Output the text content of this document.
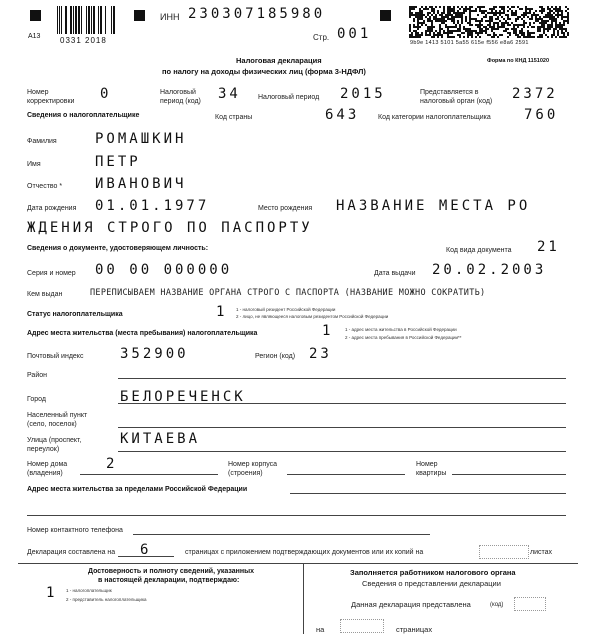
A13 0331 2018
ИНН 230307185980
Стр. 001
9b9e 1413 5101 5a55 615e f556 e8a6 2591
Налоговая декларация
по налогу на доходы физических лиц (форма 3-НДФЛ)
Форма по КНД 1151020
Номер
корректировки 0	Налоговый
период (код) 34 Налоговый период 2015	Представляется в
налоговый орган (код) 2372
Сведения о налогоплательщике	Код страны	643	Код категории налогоплательщика 760
Фамилия	РОМАШКИН
Имя	ПЕТР
Отчество * ИВАНОВИЧ
Дата рождения 01.01.1977	Место рождения НАЗВАНИЕ МЕСТА РО
ЖДЕНИЯ СТРОГО ПО ПАСПОРТУ
Сведения о документе, удостоверяющем личность:	Код вида документа 21
Серия и номер 00 00 000000	Дата выдачи 20.02.2003
Кем выдан	ПЕРЕПИСЫВАЕМ НАЗВАНИЕ ОРГАНА СТРОГО С ПАСПОРТА (НАЗВАНИЕ МОЖНО СОКРАТИТЬ)
Статус налогоплательщика	1 1 - налоговый резидент Российской Федерации
2 - лицо, не являющееся налоговым резидентом Российской Федерации
Адрес места жительства (места пребывания) налогоплательщика	1	1 - адрес места жительства в Российской Федерации
2 - адрес места пребывания в Российской Федерации**
Почтовый индекс	352900	Регион (код) 23
Район
Город	БЕЛОРЕЧЕНСК
Населенный пункт
(село, поселок)
Улица (проспект,
переулок)
КИТАЕВА
Номер дома
(владения)
2	Номер корпуса
(строения)
Номер
квартиры
Адрес места жительства за пределами Российской Федерации
Номер контактного телефона
Декларация составлена на 6	страницах с приложением подтверждающих документов или их копий на	листах
Достоверность и полноту сведений, указанных
в настоящей декларации, подтверждаю:
1 1 - налогоплательщик
2 - представитель налогоплательщика
Заполняется работником налогового органа
Сведения о представлении декларации
Данная декларация представлена	(код)
на	страницах
